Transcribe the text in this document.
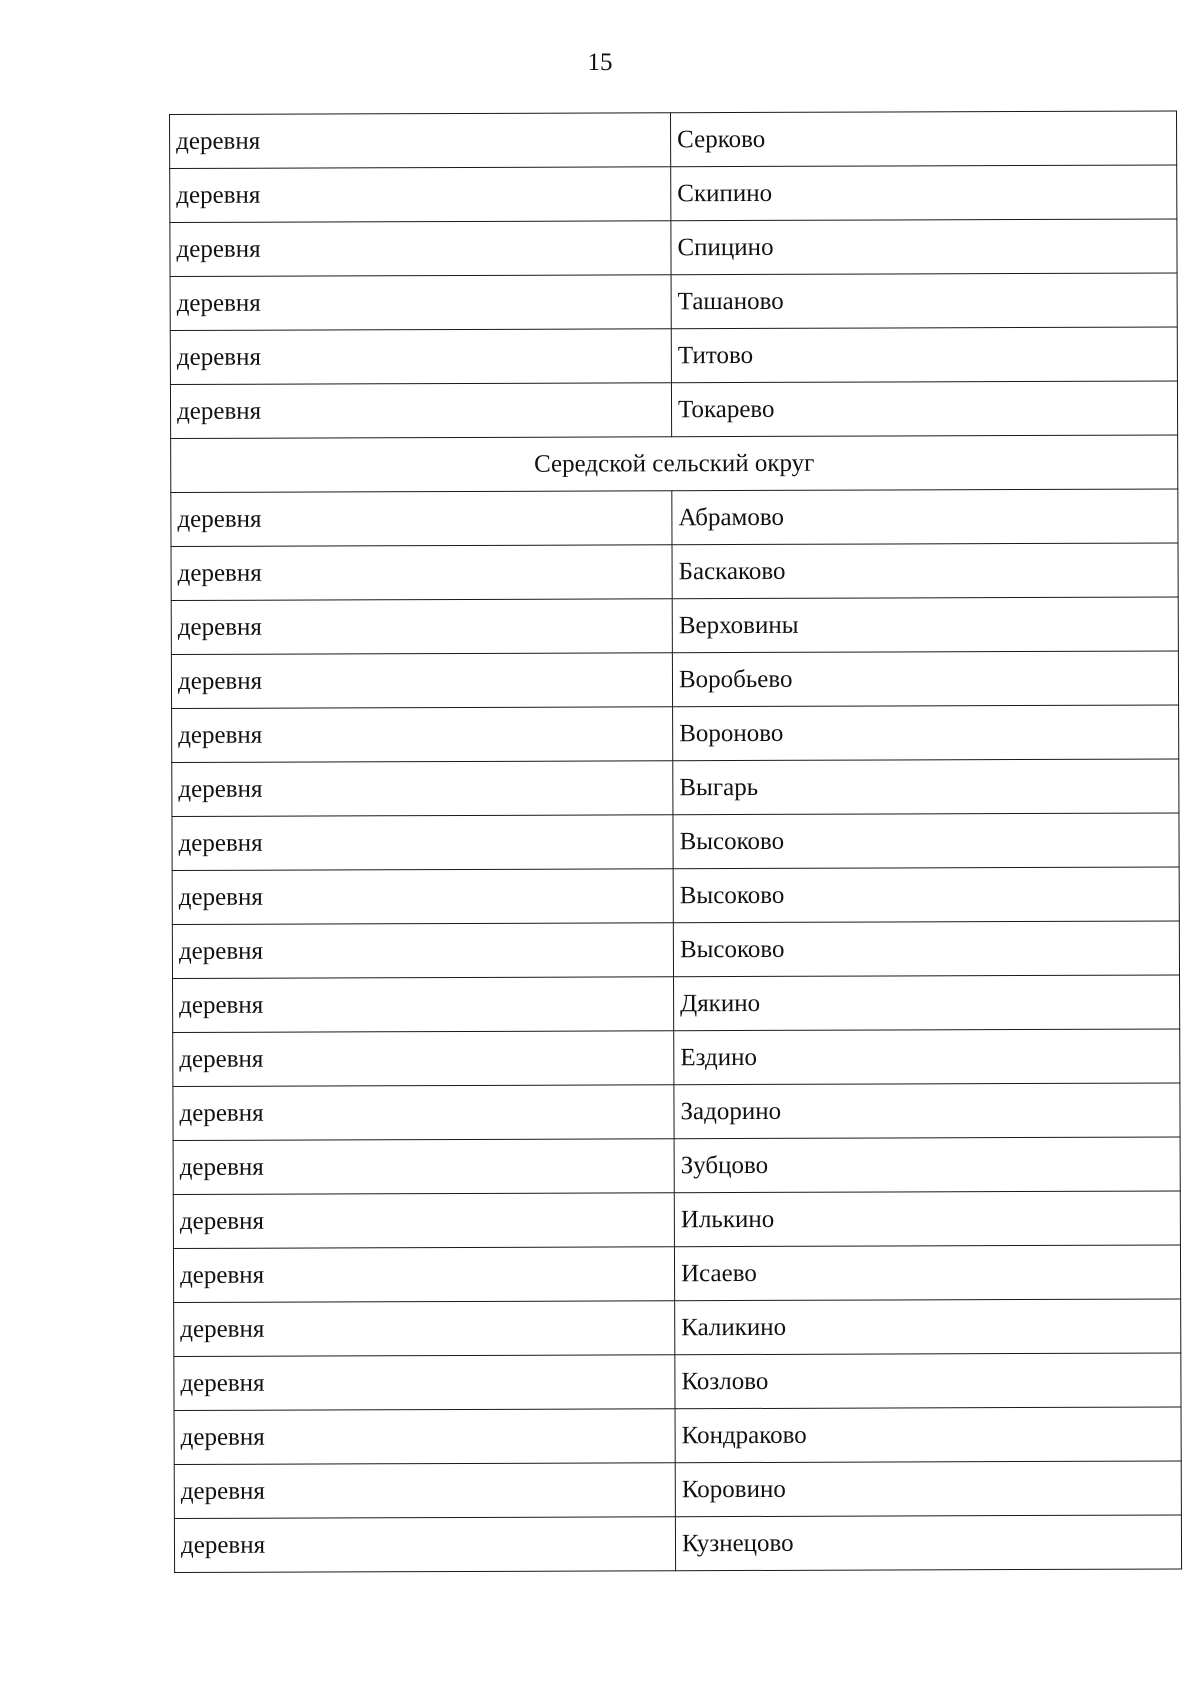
15
деревня	Серково
деревня	Скипино
деревня	Спицино
деревня	Ташаново
деревня	Титово
деревня	Токарево
Середской сельский округ	
деревня	Абрамово
деревня	Баскаково
деревня	Верховины
деревня	Воробьево
деревня	Вороново
деревня	Выгарь
деревня	Высоково
деревня	Высоково
деревня	Высоково
деревня	Дякино
деревня	Ездино
деревня	Задорино
деревня	Зубцово
деревня	Илькино
деревня	Исаево
деревня	Каликино
деревня	Козлово
деревня	Кондраково
деревня	Коровино
деревня	Кузнецово
